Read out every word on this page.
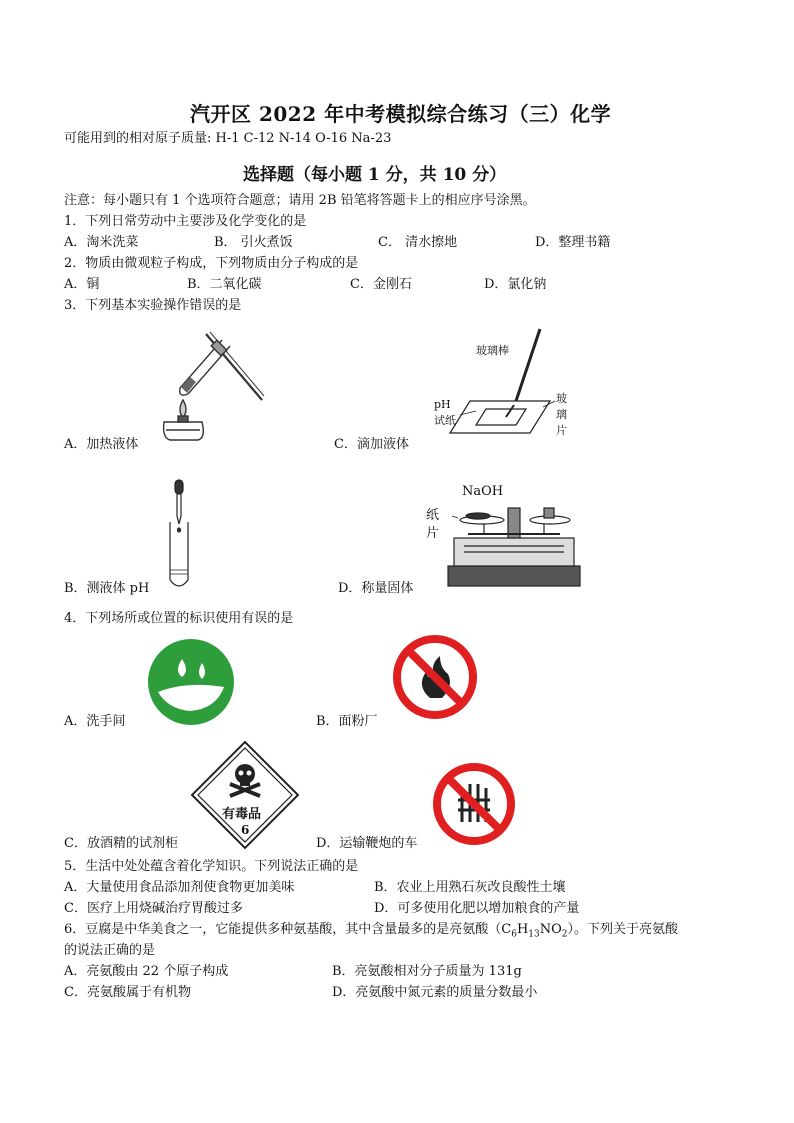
汽开区 2022 年中考模拟综合练习（三）化学
可能用到的相对原子质量: H-1 C-12 N-14 O-16 Na-23
选择题（每小题 1 分，共 10 分）
注意：每小题只有 1 个选项符合题意；请用 2B 铅笔将答题卡上的相应序号涂黑。
1．下列日常劳动中主要涉及化学变化的是
A．淘米洗菜	B． 引火煮饭	C． 清水擦地	D．整理书籍
2．物质由微观粒子构成，下列物质由分子构成的是
A．铜	B．二氧化碳	C．金刚石	D．氯化钠
3．下列基本实验操作错误的是
A．加热液体
玻璃棒
pH
试纸
玻
璃
片
C．滴加液体
B．测液体 pH
NaOH
纸
片
D．称量固体
4．下列场所或位置的标识使用有误的是
A．洗手间	B．面粉厂
有毒品
6
C．放酒精的试剂柜	D．运输鞭炮的车
5．生活中处处蕴含着化学知识。下列说法正确的是
A．大量使用食品添加剂使食物更加美味	B．农业上用熟石灰改良酸性土壤
C．医疗上用烧碱治疗胃酸过多	D．可多使用化肥以增加粮食的产量
6．豆腐是中华美食之一，它能提供多种氨基酸，其中含量最多的是亮氨酸$(C_6H_{13}NO_2)$。下列关于亮氨酸
的说法正确的是
A．亮氨酸由 22 个原子构成	B．亮氨酸相对分子质量为 131g
C．亮氨酸属于有机物	D．亮氨酸中氮元素的质量分数最小
